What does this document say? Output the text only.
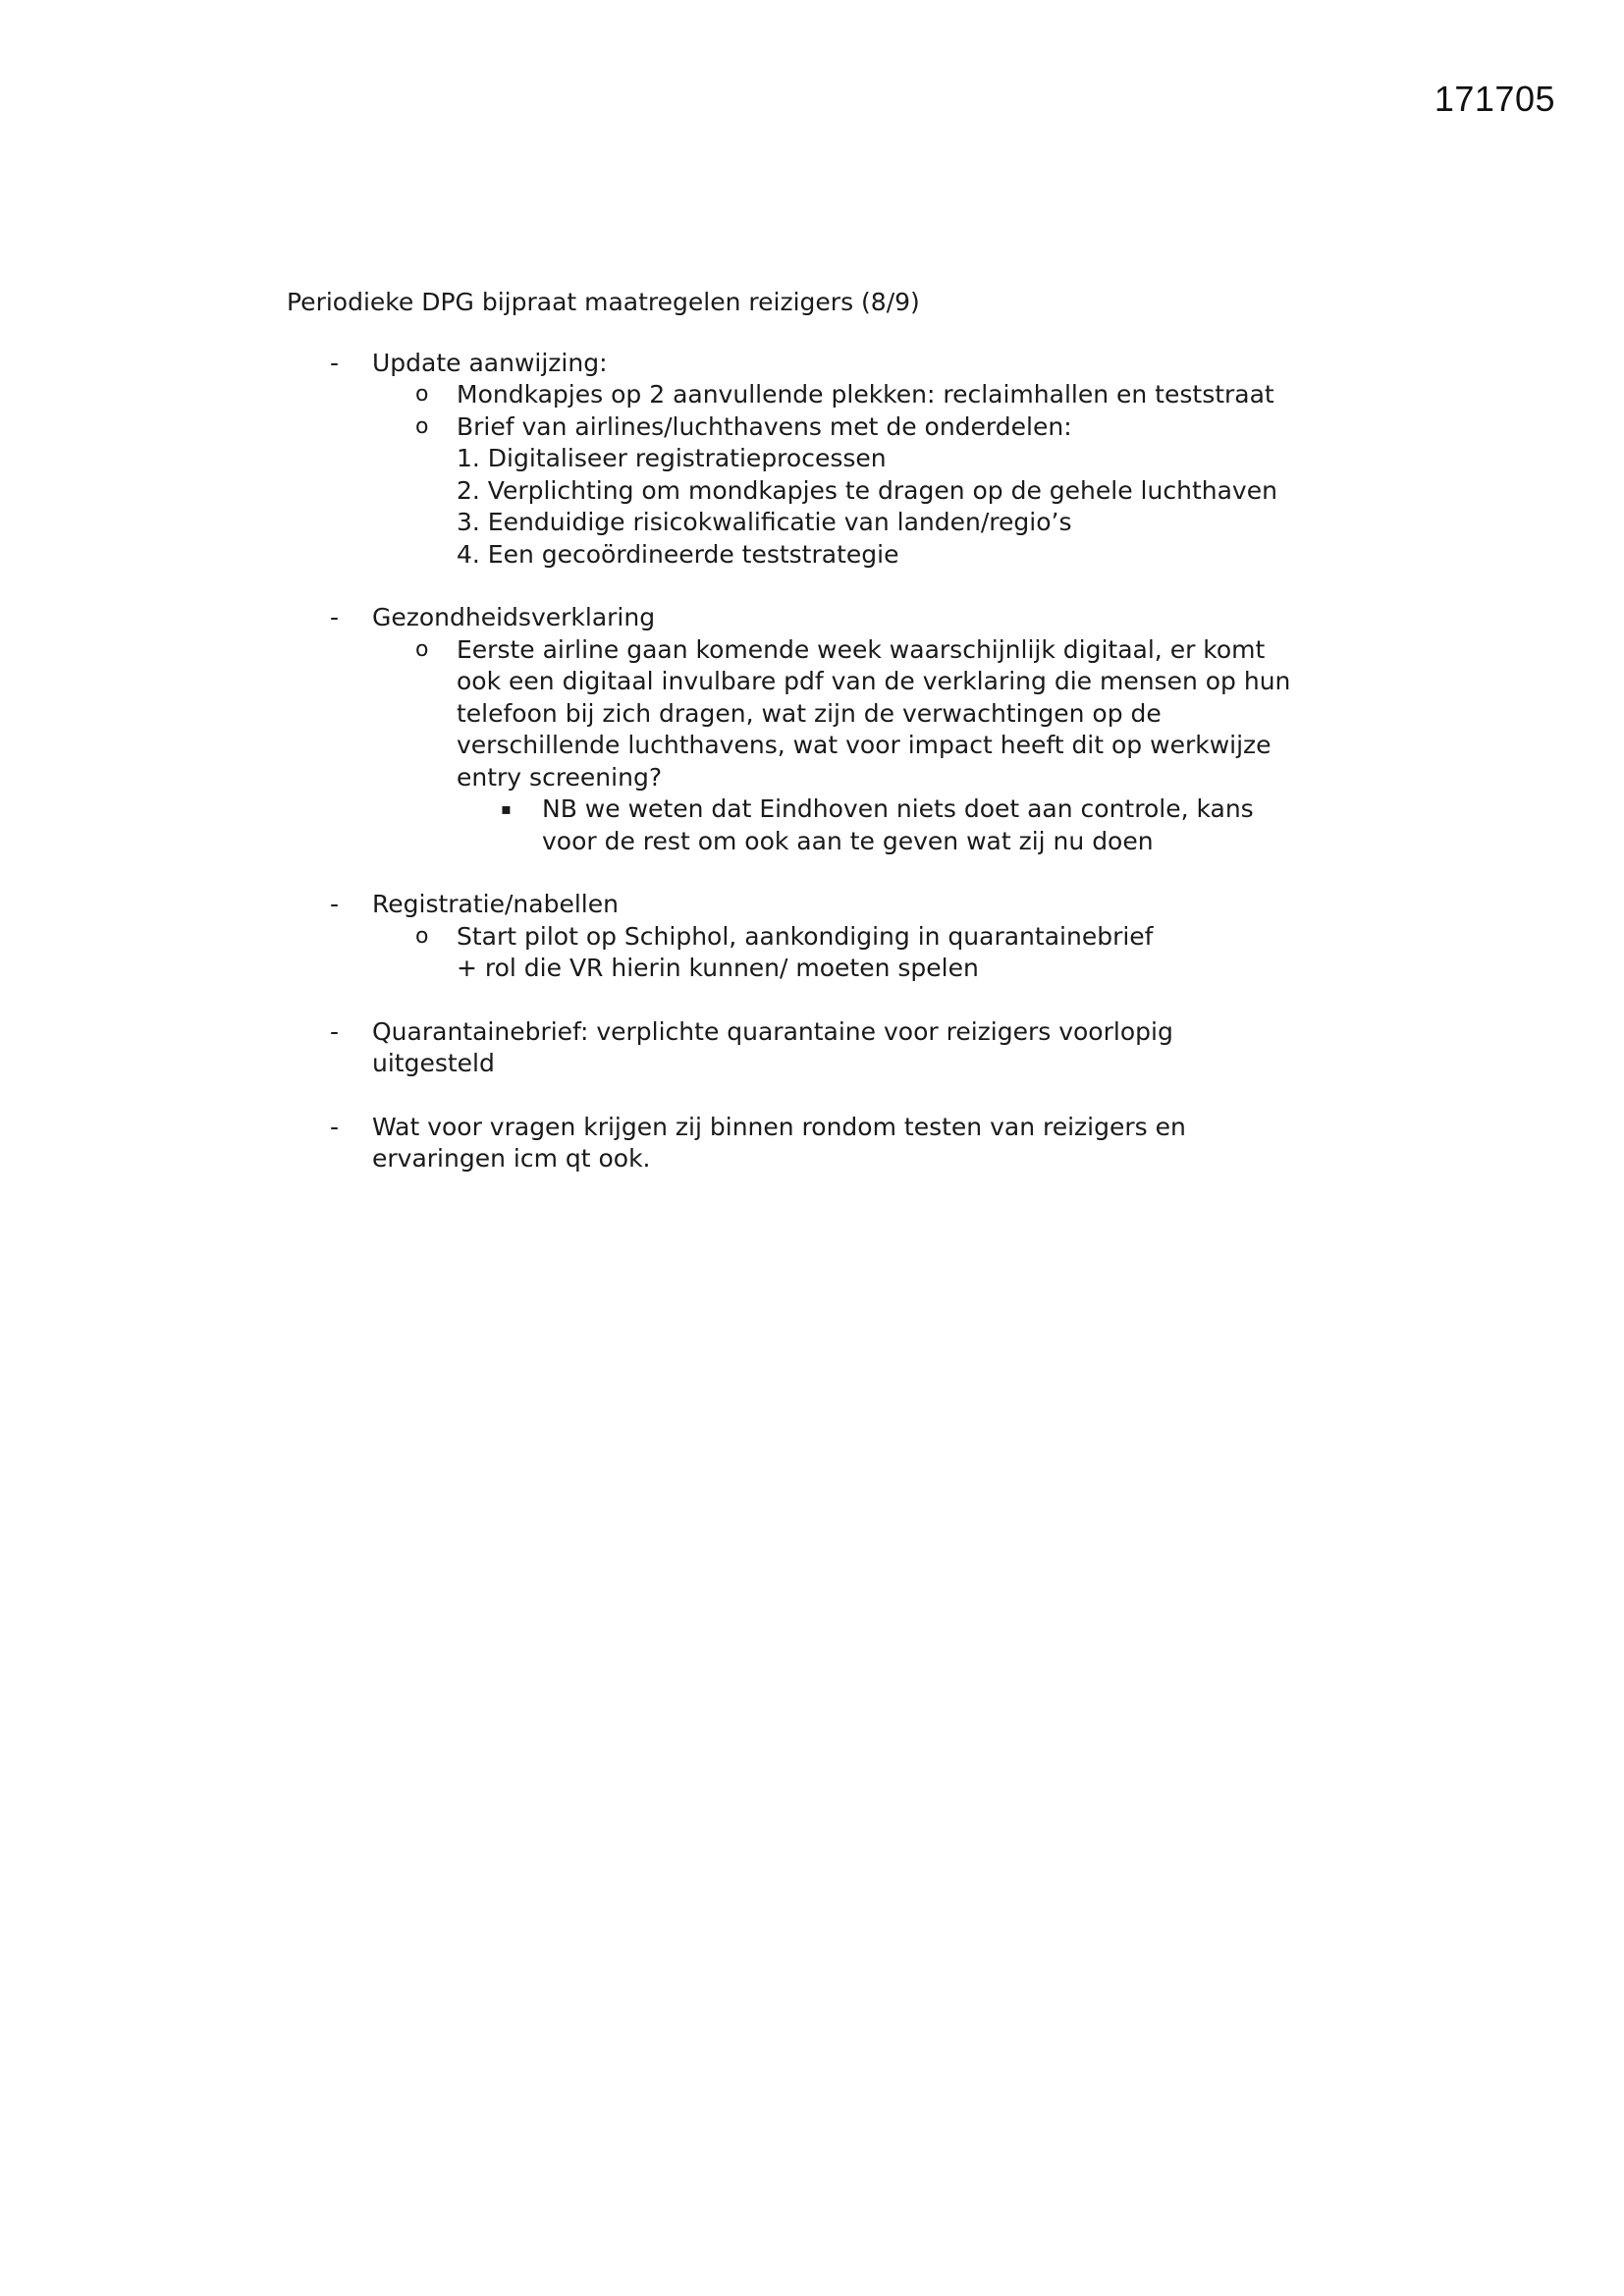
171705
Periodieke DPG bijpraat maatregelen reizigers (8/9)
- Update aanwijzing:
o Mondkapjes op 2 aanvullende plekken: reclaimhallen en teststraat
o Brief van airlines/luchthavens met de onderdelen:
1. Digitaliseer registratieprocessen
2. Verplichting om mondkapjes te dragen op de gehele luchthaven
3. Eenduidige risicokwalificatie van landen/regio’s
4. Een gecoördineerde teststrategie
- Gezondheidsverklaring
o Eerste airline gaan komende week waarschijnlijk digitaal, er komt
ook een digitaal invulbare pdf van de verklaring die mensen op hun
telefoon bij zich dragen, wat zijn de verwachtingen op de
verschillende luchthavens, wat voor impact heeft dit op werkwijze
entry screening?
▪ NB we weten dat Eindhoven niets doet aan controle, kans
voor de rest om ook aan te geven wat zij nu doen
- Registratie/nabellen
o Start pilot op Schiphol, aankondiging in quarantainebrief
+ rol die VR hierin kunnen/ moeten spelen
- Quarantainebrief: verplichte quarantaine voor reizigers voorlopig
uitgesteld
- Wat voor vragen krijgen zij binnen rondom testen van reizigers en
ervaringen icm qt ook.
